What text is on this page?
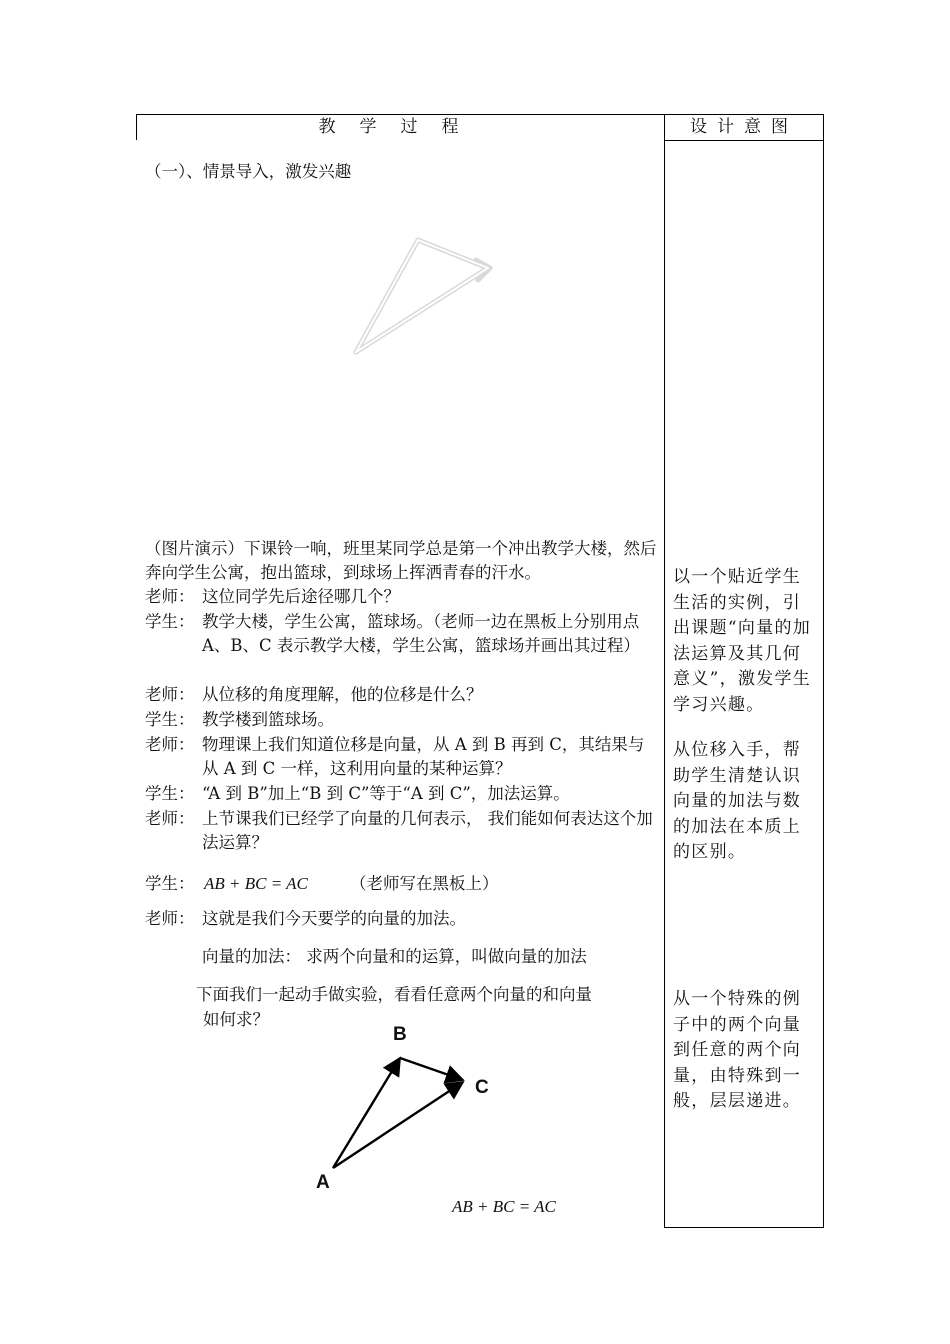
教学过程	设计意图
（一）、情景导入，激发兴趣
（图片演示）下课铃一响，班里某同学总是第一个冲出教学大楼，然后奔向学生公寓，抱出篮球，到球场上挥洒青春的汗水。
老师： 这位同学先后途径哪几个？
学生： 教学大楼，学生公寓，篮球场。（老师一边在黑板上分别用点 A、B、C 表示教学大楼，学生公寓，篮球场并画出其过程）
老师： 从位移的角度理解，他的位移是什么？
学生： 教学楼到篮球场。
老师： 物理课上我们知道位移是向量，从 A 到 B 再到 C，其结果与从 A 到 C 一样，这利用向量的某种运算？
学生： “A 到 B”加上“B 到 C”等于“A 到 C”，加法运算。
老师： 上节课我们已经学了向量的几何表示， 我们能如何表达这个加法运算？
学生： AB + BC = AC	（老师写在黑板上）
老师： 这就是我们今天要学的向量的加法。
向量的加法： 求两个向量和的运算，叫做向量的加法
下面我们一起动手做实验，看看任意两个向量的和向量
如何求？
B
C
A
AB + BC = AC
以一个贴近学生生活的实例，引出课题“向量的加法运算及其几何意义”，激发学生学习兴趣。
从位移入手，帮助学生清楚认识向量的加法与数的加法在本质上的区别。
从一个特殊的例子中的两个向量到任意的两个向量，由特殊到一般，层层递进。
